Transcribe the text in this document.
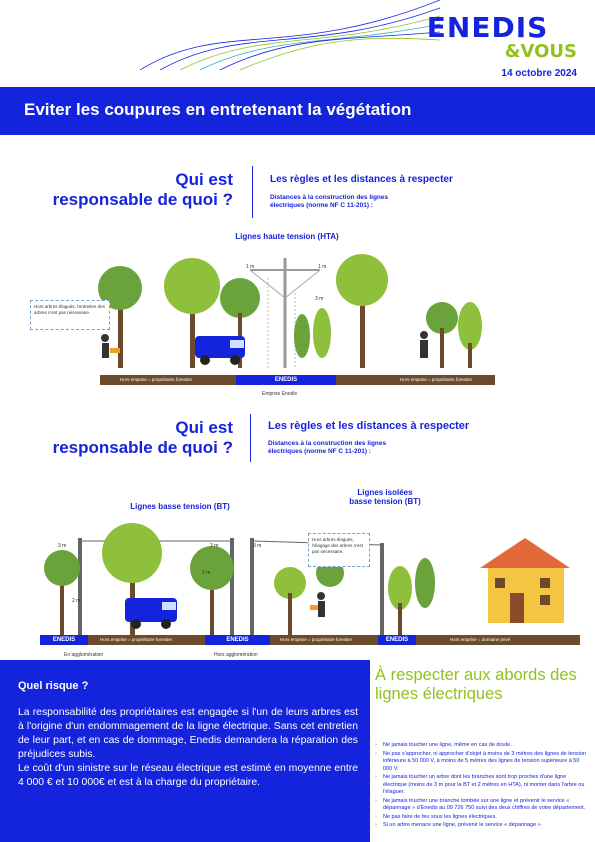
ENEDIS
&VOUS
14 octobre 2024
Eviter les coupures en entretenant la végétation
Qui est
responsable de quoi ?
Les règles et les distances à respecter
Distances à la construction des lignes
électriques (norme NF C 11-201) :
Lignes haute tension (HTA)
1 m	1 m
3 m
Hors arbres élagués, l'entretien des arbres n'est pas nécessaire.
Hors emprise = propriétaire forestier	Hors emprise = propriétaire forestier
ENEDIS
Emprise Enedis
Qui est
responsable de quoi ?
Les règles et les distances à respecter
Distances à la construction des lignes
électriques (norme NF C 11-201) :
Lignes basse tension (BT)
Lignes isolées
basse tension (BT)
3 m
2 m
3 m
2 m
3 m
Hors arbres élagués, l'élagage des arbres n'est pas nécessaire.
Hors emprise = propriétaire forestier	Hors emprise = propriétaire forestier	Hors emprise = domaine privé
ENEDIS	ENEDIS	ENEDIS
En agglomération	Hors agglomération
Quel risque ?
La responsabilité des propriétaires est engagée si l'un de leurs arbres est à l'origine d'un endommagement de la ligne électrique. Sans cet entretien de leur part, et en cas de dommage, Enedis demandera la réparation des préjudices subis.
Le coût d'un sinistre sur le réseau électrique est estimé en moyenne entre 4 000 € et 10 000€ et est à la charge du propriétaire.
À respecter aux abords des lignes électriques
› Ne jamais toucher une ligne, même en cas de doute.
› Ne pas s'approcher, ni approcher d'objet à moins de 3 mètres des lignes de tension inférieure à 50 000 V, à moins de 5 mètres des lignes de tension supérieure à 50 000 V.
› Ne jamais toucher un arbre dont les branches sont trop proches d'une ligne électrique (moins de 3 m pour la BT et 2 mètres en HTA), ni monter dans l'arbre ou l'élaguer.
› Ne jamais toucher une branche tombée sur une ligne et prévenir le service « dépannage » d'Enedis au 09 726 750 suivi des deux chiffres de votre département.
› Ne pas faire de feu sous les lignes électriques.
› Si un arbre menace une ligne, prévenir le service « dépannage »
